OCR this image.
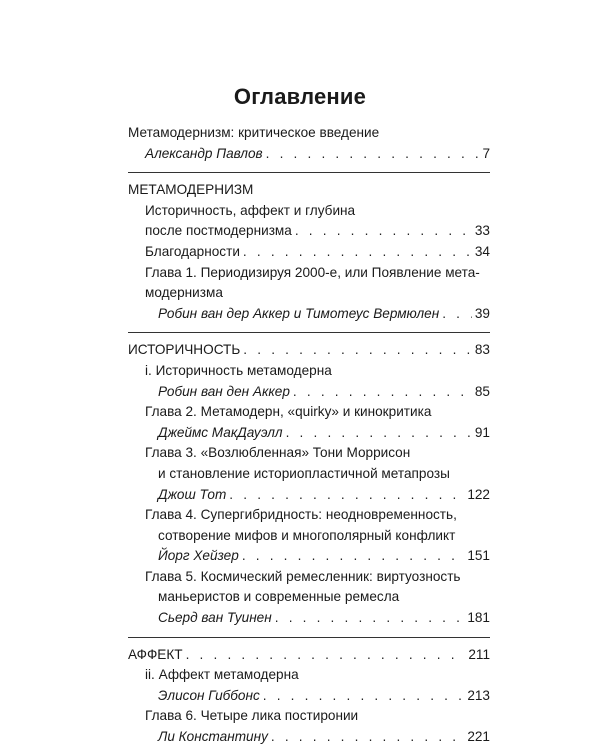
Оглавление
Метамодернизм: критическое введение
Александр Павлов . . .	7
МЕТАМОДЕРНИЗМ
Историчность, аффект и глубина
после постмодернизма . . .	33
Благодарности . . .	34
Глава 1. Периодизируя 2000-е, или Появление мета-
модернизма
Робин ван дер Аккер и Тимотеус Вермюлен . . .	39
ИСТОРИЧНОСТЬ . . .	83
i. Историчность метамодерна
Робин ван ден Аккер . . .	85
Глава 2. Метамодерн, «quirky» и кинокритика
Джеймс МакДауэлл . . .	91
Глава 3. «Возлюбленная» Тони Моррисон
и становление историопластичной метапрозы
Джош Тот . . .	122
Глава 4. Супергибридность: неодновременность,
сотворение мифов и многополярный конфликт
Йорг Хейзер . . .	151
Глава 5. Космический ремесленник: виртуозность
маньеристов и современные ремесла
Сьерд ван Туинен . . .	181
АФФЕКТ . . .	211
ii. Аффект метамодерна
Элисон Гиббонс . . .	213
Глава 6. Четыре лика постиронии
Ли Константину . . .	221
